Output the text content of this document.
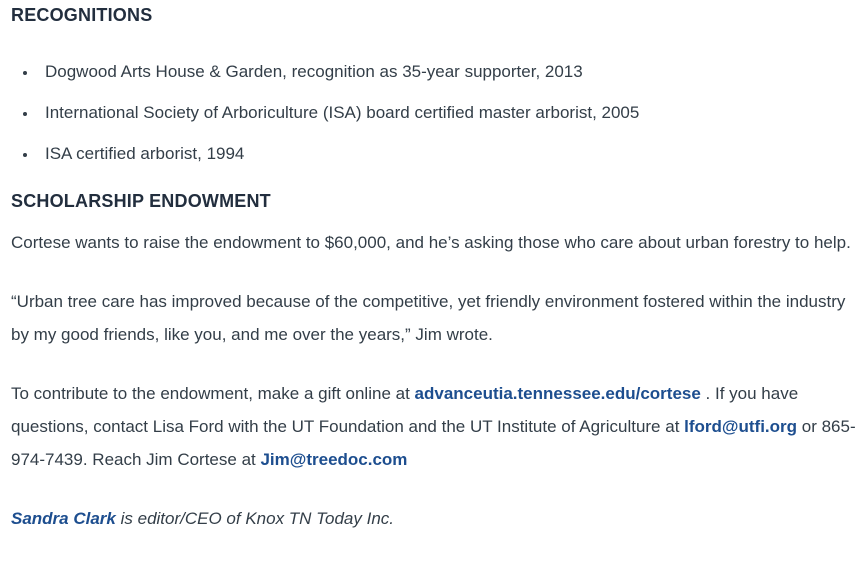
RECOGNITIONS
• Dogwood Arts House & Garden, recognition as 35-year supporter, 2013
• International Society of Arboriculture (ISA) board certified master arborist, 2005
• ISA certified arborist, 1994
SCHOLARSHIP ENDOWMENT

Cortese wants to raise the endowment to $60,000, and he’s asking those who care about urban forestry to help.

“Urban tree care has improved because of the competitive, yet friendly environment fostered within the industry by my good friends, like you, and me over the years,” Jim wrote.

To contribute to the endowment, make a gift online at advanceutia.tennessee.edu/cortese . If you have questions, contact Lisa Ford with the UT Foundation and the UT Institute of Agriculture at lford@utfi.org or 865-974-7439. Reach Jim Cortese at Jim@treedoc.com

Sandra Clark is editor/CEO of Knox TN Today Inc.
